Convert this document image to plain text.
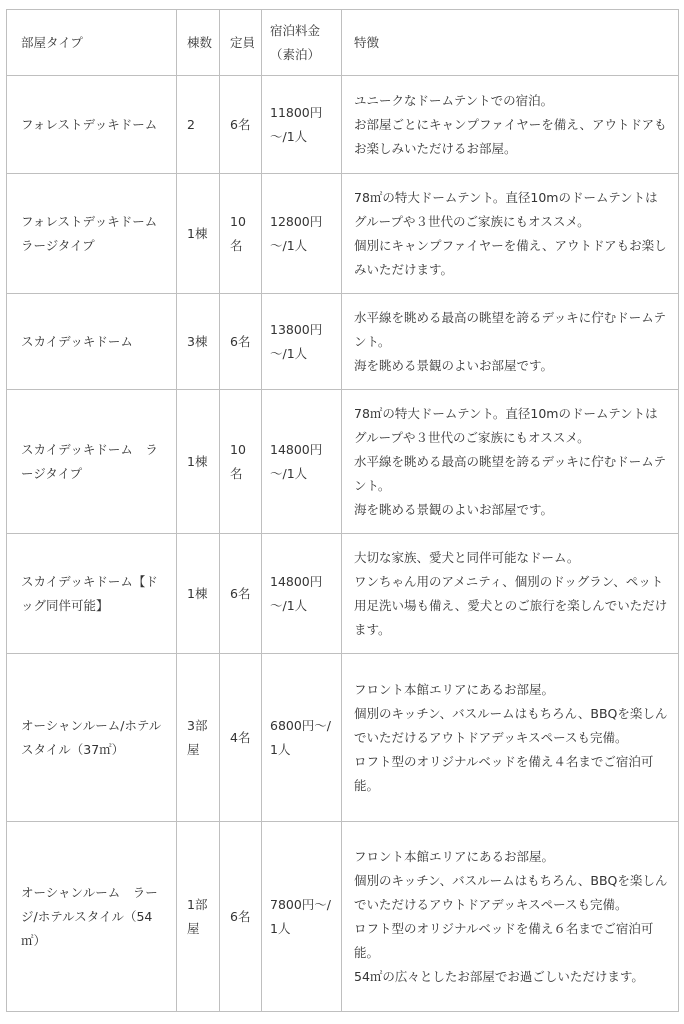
部屋タイプ	棟数	定員	宿泊料金（素泊）	特徴
フォレストデッキドーム	2	6名	11800円～/1人	ユニークなドームテントでの宿泊。
お部屋ごとにキャンプファイヤーを備え、アウトドアもお楽しみいただけるお部屋。
フォレストデッキドームラージタイプ	1棟	10名	12800円～/1人	78㎡の特大ドームテント。直径10mのドームテントはグループや３世代のご家族にもオススメ。
個別にキャンプファイヤーを備え、アウトドアもお楽しみいただけます。
スカイデッキドーム	3棟	6名	13800円～/1人	水平線を眺める最高の眺望を誇るデッキに佇むドームテント。
海を眺める景観のよいお部屋です。
スカイデッキドーム　ラージタイプ	1棟	10名	14800円～/1人	78㎡の特大ドームテント。直径10mのドームテントはグループや３世代のご家族にもオススメ。
水平線を眺める最高の眺望を誇るデッキに佇むドームテント。
海を眺める景観のよいお部屋です。
スカイデッキドーム【ドッグ同伴可能】	1棟	6名	14800円～/1人	大切な家族、愛犬と同伴可能なドーム。
ワンちゃん用のアメニティ、個別のドッグラン、ペット用足洗い場も備え、愛犬とのご旅行を楽しんでいただけます。
オーシャンルーム/ホテルスタイル（37㎡）	3部屋	4名	6800円～/1人	フロント本館エリアにあるお部屋。
個別のキッチン、バスルームはもちろん、BBQを楽しんでいただけるアウトドアデッキスペースも完備。
ロフト型のオリジナルベッドを備え４名までご宿泊可能。
オーシャンルーム　ラージ/ホテルスタイル（54㎡）	1部屋	6名	7800円～/1人	フロント本館エリアにあるお部屋。
個別のキッチン、バスルームはもちろん、BBQを楽しんでいただけるアウトドアデッキスペースも完備。
ロフト型のオリジナルベッドを備え６名までご宿泊可能。
54㎡の広々としたお部屋でお過ごしいただけます。
